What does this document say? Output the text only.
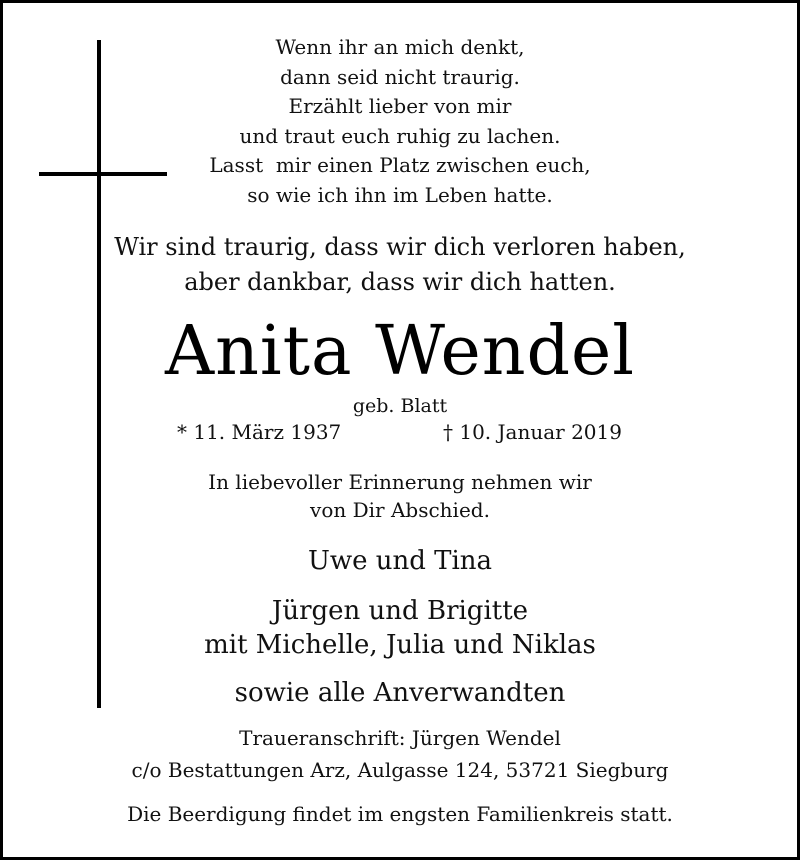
Wenn ihr an mich denkt,
dann seid nicht traurig.
Erzählt lieber von mir
und traut euch ruhig zu lachen.
Lasst  mir einen Platz zwischen euch,
so wie ich ihn im Leben hatte.
Wir sind traurig, dass wir dich verloren haben,
aber dankbar, dass wir dich hatten.
Anita Wendel
geb. Blatt
* 11. März 1937	† 10. Januar 2019
In liebevoller Erinnerung nehmen wir
von Dir Abschied.
Uwe und Tina
Jürgen und Brigitte
mit Michelle, Julia und Niklas
sowie alle Anverwandten
Traueranschrift: Jürgen Wendel
c/o Bestattungen Arz, Aulgasse 124, 53721 Siegburg
Die Beerdigung findet im engsten Familienkreis statt.
